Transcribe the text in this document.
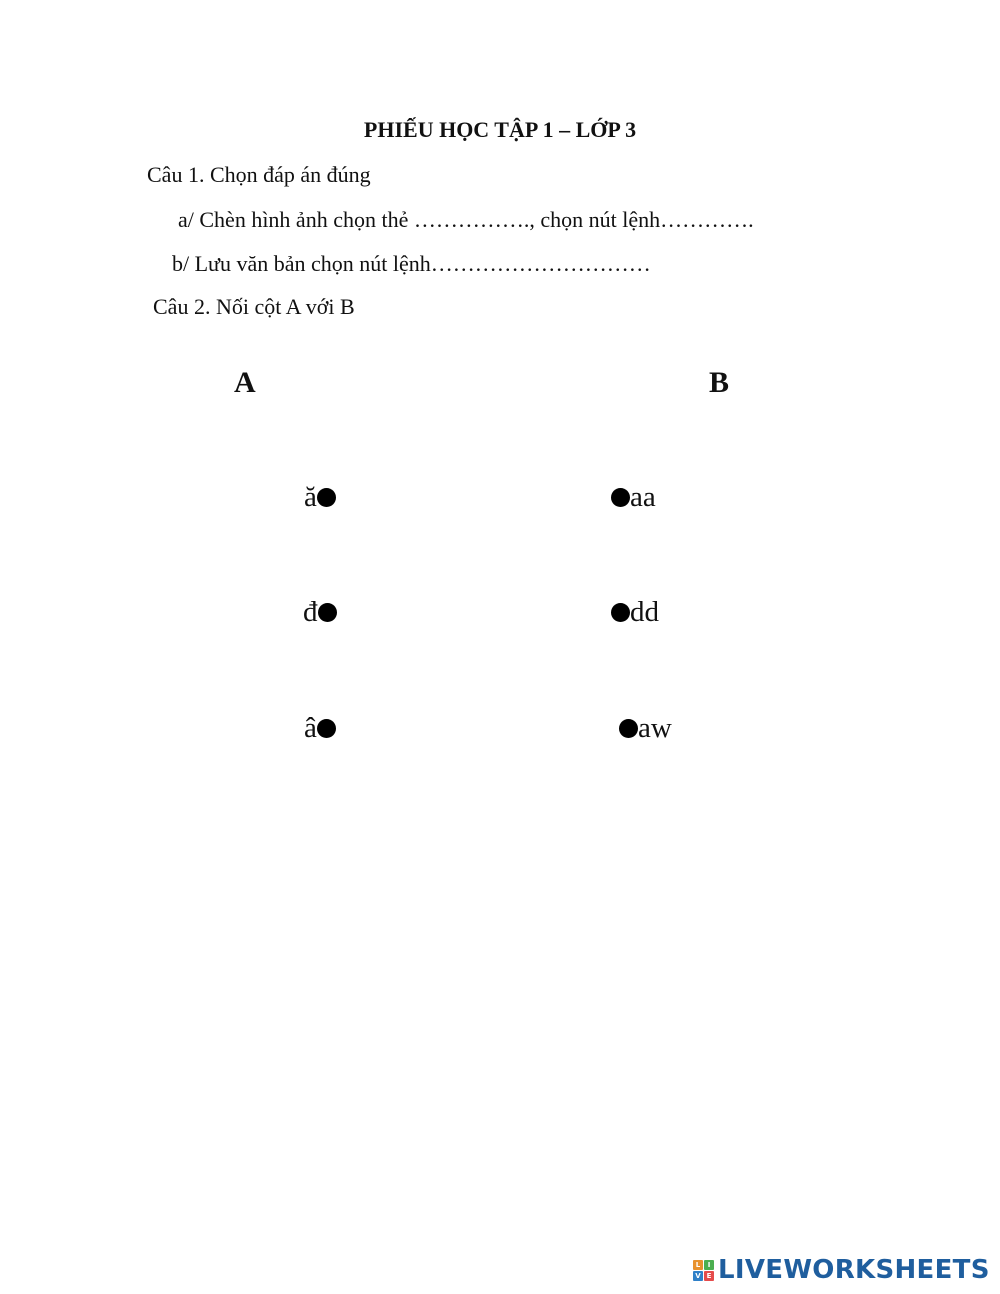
PHIẾU HỌC TẬP 1 – LỚP 3
Câu 1. Chọn đáp án đúng
a/ Chèn hình ảnh chọn thẻ ……………., chọn nút lệnh………….
b/ Lưu văn bản chọn nút lệnh…………………………
Câu 2. Nối cột A với B
A	B
ă
đ
â
aa
dd
aw
L	I
V E LIVEWORKSHEETS
